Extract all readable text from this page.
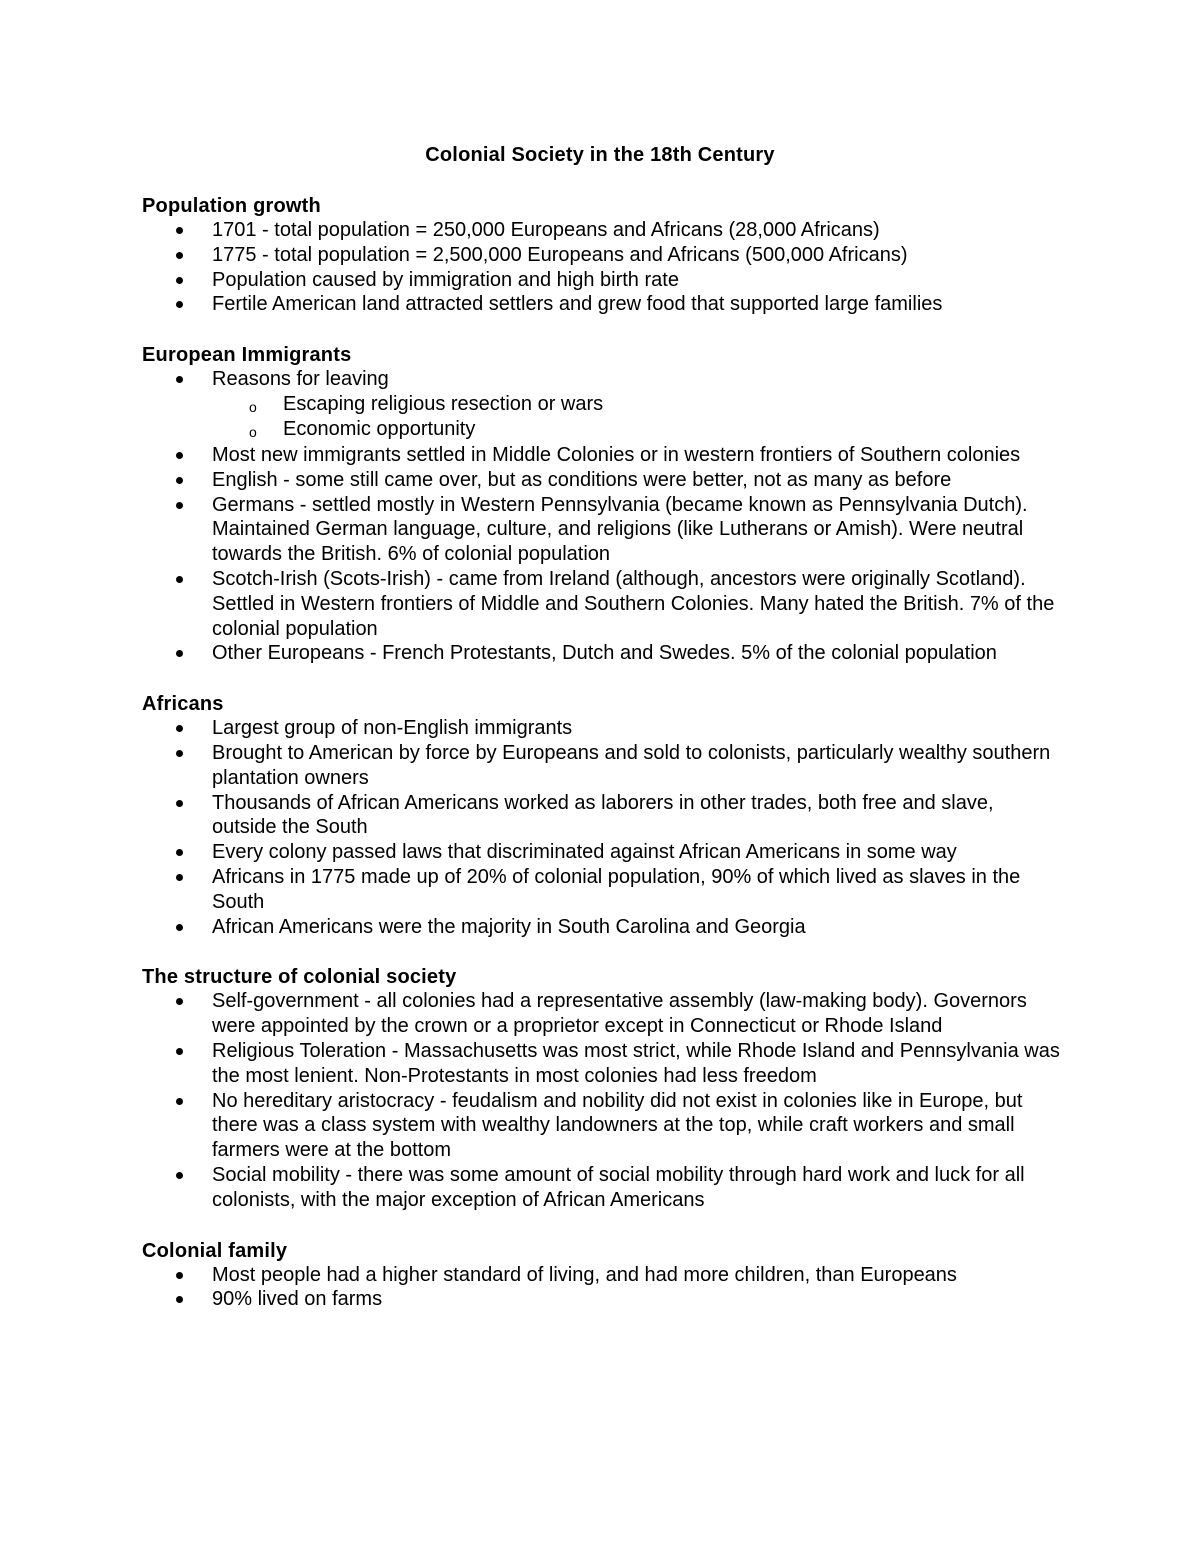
Colonial Society in the 18th Century
Population growth
1701 - total population = 250,000 Europeans and Africans (28,000 Africans)
1775 - total population = 2,500,000 Europeans and Africans (500,000 Africans)
Population caused by immigration and high birth rate
Fertile American land attracted settlers and grew food that supported large families
European Immigrants
Reasons for leaving
o Escaping religious resection or wars
o Economic opportunity
Most new immigrants settled in Middle Colonies or in western frontiers of Southern colonies
English - some still came over, but as conditions were better, not as many as before
Germans - settled mostly in Western Pennsylvania (became known as Pennsylvania Dutch). Maintained German language, culture, and religions (like Lutherans or Amish). Were neutral towards the British. 6% of colonial population
Scotch-Irish (Scots-Irish) - came from Ireland (although, ancestors were originally Scotland). Settled in Western frontiers of Middle and Southern Colonies. Many hated the British. 7% of the colonial population
Other Europeans - French Protestants, Dutch and Swedes. 5% of the colonial population
Africans
Largest group of non-English immigrants
Brought to American by force by Europeans and sold to colonists, particularly wealthy southern plantation owners
Thousands of African Americans worked as laborers in other trades, both free and slave, outside the South
Every colony passed laws that discriminated against African Americans in some way
Africans in 1775 made up of 20% of colonial population, 90% of which lived as slaves in the South
African Americans were the majority in South Carolina and Georgia
The structure of colonial society
Self-government - all colonies had a representative assembly (law-making body). Governors were appointed by the crown or a proprietor except in Connecticut or Rhode Island
Religious Toleration - Massachusetts was most strict, while Rhode Island and Pennsylvania was the most lenient. Non-Protestants in most colonies had less freedom
No hereditary aristocracy - feudalism and nobility did not exist in colonies like in Europe, but there was a class system with wealthy landowners at the top, while craft workers and small farmers were at the bottom
Social mobility - there was some amount of social mobility through hard work and luck for all colonists, with the major exception of African Americans
Colonial family
Most people had a higher standard of living, and had more children, than Europeans
90% lived on farms
